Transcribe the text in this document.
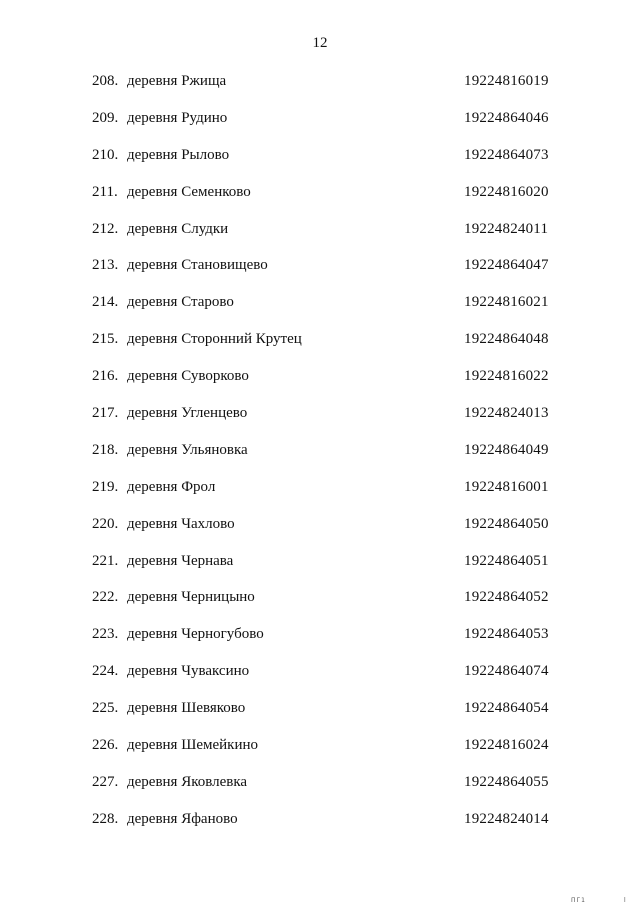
12
208. деревня Ржища	19224816019
209. деревня Рудино	19224864046
210. деревня Рылово	19224864073
211. деревня Семенково	19224816020
212. деревня Слудки	19224824011
213. деревня Становищево	19224864047
214. деревня Старово	19224816021
215. деревня Сторонний Крутец	19224864048
216. деревня Суворково	19224816022
217. деревня Угленцево	19224824013
218. деревня Ульяновка	19224864049
219. деревня Фрол	19224816001
220. деревня Чахлово	19224864050
221. деревня Чернава	19224864051
222. деревня Черницыно	19224864052
223. деревня Черногубово	19224864053
224. деревня Чуваксино	19224864074
225. деревня Шевяково	19224864054
226. деревня Шемейкино	19224816024
227. деревня Яковлевка	19224864055
228. деревня Яфаново	19224824014
ПГ1	l
